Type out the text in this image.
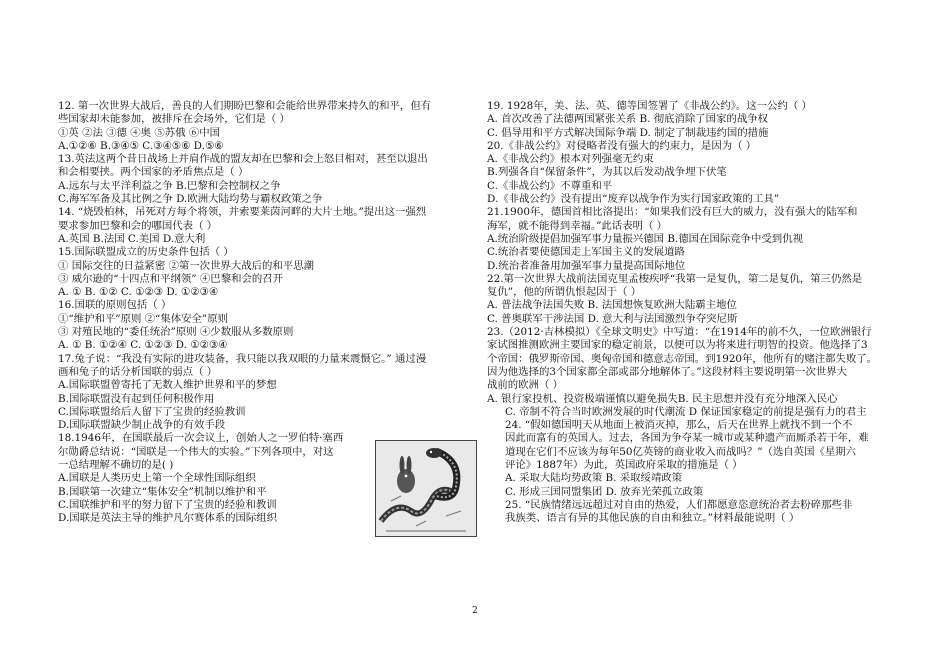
12. 第一次世界大战后，善良的人们期盼巴黎和会能给世界带来持久的和平，但有
些国家却未能参加，被排斥在会场外，它们是（ ）
①英 ②法 ③德 ④奥 ⑤苏俄 ⑥中国
A.①②⑥ B.③④⑤ C.③④⑤⑥ D.⑤⑥
13.英法这两个昔日战场上并肩作战的盟友却在巴黎和会上怒目相对，甚至以退出
和会相要挟。两个国家的矛盾焦点是（ ）
A.远东与太平洋利益之争 B.巴黎和会控制权之争
C.海军军备及其比例之争 D.欧洲大陆均势与霸权政策之争
14. “烧毁柏林，吊死对方每个将领，并索要莱茵河畔的大片土地。”提出这一强烈
要求参加巴黎和会的哪国代表（ ）
A.英国 B.法国 C.美国 D.意大利
15.国际联盟成立的历史条件包括（ ）
① 国际交往的日益紧密 ②第一次世界大战后的和平思潮
③ 威尔逊的“十四点和平纲领” ④巴黎和会的召开
A. ① B. ①② C. ①②③ D. ①②③④
16.国联的原则包括（ ）
①“维护和平”原则 ②“集体安全”原则
③ 对殖民地的“委任统治”原则 ④少数服从多数原则
A. ① B. ①②④ C. ①②③ D. ①②③④
17.兔子说：“我没有实际的进攻装备，我只能以我双眼的力量来震慑它。” 通过漫
画和兔子的话分析国联的弱点（ ）
A.国际联盟曾寄托了无数人维护世界和平的梦想
B.国际联盟没有起到任何积极作用
C.国际联盟给后人留下了宝贵的经验教训
D.国际联盟缺少制止战争的有效手段
18.1946年，在国联最后一次会议上，创始人之一罗伯特·塞西
尔勋爵总结说：“国联是一个伟大的实验。”下列各项中，对这
一总结理解不确切的是( )
A.国联是人类历史上第一个全球性国际组织
B.国联第一次建立“集体安全”机制以维护和平
C.国联维护和平的努力留下了宝贵的经验和教训
D.国联是英法主导的维护凡尔赛体系的国际组织
19. 1928年，美、法、英、德等国签署了《非战公约》。这一公约（ ）
A. 首次改善了法德两国紧张关系 B. 彻底消除了国家的战争权
C. 倡导用和平方式解决国际争端 D. 制定了制裁违约国的措施
20.《非战公约》对侵略者没有强大的约束力，是因为（ ）
A.《非战公约》根本对列强毫无约束
B.列强各自“保留条件”，为其以后发动战争埋下伏笔
C.《非战公约》不尊重和平
D.《非战公约》没有提出“废弃以战争作为实行国家政策的工具”
21.1900年，德国首相比洛提出：“如果我们没有巨大的威力，没有强大的陆军和
海军，就不能得到幸福。”此话表明（ ）
A.统治阶级提倡加强军事力量振兴德国 B.德国在国际竞争中受到仇视
C.统治者要使德国走上军国主义的发展道路
D.统治者准备用加强军事力量提高国际地位
22.第一次世界大战前法国克里孟梭疾呼“我第一是复仇，第二是复仇，第三仍然是
复仇”，他的所谓仇恨起因于（ ）
A. 普法战争法国失败 B. 法国想恢复欧洲大陆霸主地位
C. 普奥联军干涉法国 D. 意大利与法国激烈争夺突尼斯
23.（2012·吉林模拟）《全球文明史》中写道：“在1914年的前不久，一位欧洲银行
家试图推测欧洲主要国家的稳定前景，以便可以为将来进行明智的投资。他选择了3
个帝国：俄罗斯帝国、奥匈帝国和德意志帝国。到1920年，他所有的赌注都失败了。
因为他选择的3个国家都全部或部分地解体了。”这段材料主要说明第一次世界大
战前的欧洲（ ）
A. 银行家投机、投资极端谨慎以避免损失B. 民主思想并没有充分地深入民心
C. 帝制不符合当时欧洲发展的时代潮流 D 保证国家稳定的前提是强有力的君主
24. “假如德国明天从地面上被消灭掉，那么，后天在世界上就找不到一个不
因此而富有的英国人。过去，各国为争夺某一城市或某种遗产而厮杀若干年，难
道现在它们不应该为每年50亿英镑的商业收入而战吗？”（选自英国《星期六
评论》1887年）为此，英国政府采取的措施是（ ）
A. 采取大陆均势政策 B. 采取绥靖政策
C. 形成三国同盟集团 D. 放弃光荣孤立政策
25. “民族情绪远远超过对自由的热爱，人们都愿意恣意统治者去粉碎那些非
我族类、语言有异的其他民族的自由和独立。”材料最能说明（ ）
2
